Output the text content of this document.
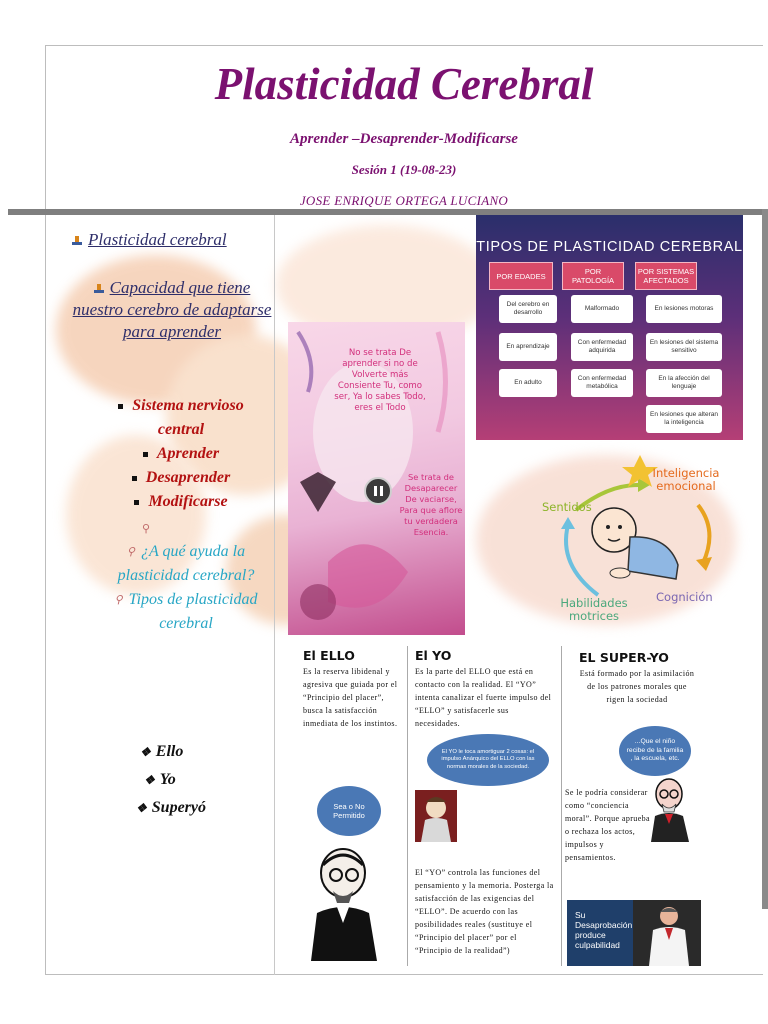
Plasticidad Cerebral
Aprender –Desaprender-Modificarse
Sesión 1 (19-08-23)
JOSE ENRIQUE ORTEGA LUCIANO
Plasticidad cerebral
Capacidad que tiene nuestro cerebro de adaptarse para aprender
Sistema nervioso central
Aprender
Desaprender
Modificarse
⚲
⚲ ¿A qué ayuda la plasticidad cerebral?
⚲ Tipos de plasticidad cerebral
❖ Ello
❖ Yo
❖ Superyó
TIPOS DE PLASTICIDAD CEREBRAL
POR EDADES	POR PATOLOGÍA
POR SISTEMAS AFECTADOS
Del cerebro en desarrollo
En aprendizaje
En adulto
Malformado
Con enfermedad adquirida
Con enfermedad metabólica
En lesiones motoras
En lesiones del sistema sensitivo
En la afección del lenguaje
En lesiones que alteran la inteligencia
No se trata De aprender si no de Volverte más Consiente Tu, como ser, Ya lo sabes Todo, eres el Todo
Se trata de Desaparecer De vaciarse, Para que aflore tu verdadera Esencia.
Inteligencia emocional
Sentidos
Cognición
Habilidades motrices
El ELLO
Es la reserva libidenal y agresiva que guiada por el “Principio del placer”, busca la satisfacción inmediata de los instintos.
Sea o No Permitido
El YO
Es la parte del ELLO que está en contacto con la realidad. El “YO” intenta canalizar el fuerte impulso del “ELLO” y satisfacerle sus necesidades.
El YO le toca amortiguar 2 cosas: el impulso Anárquico del ELLO con las normas morales de la sociedad.
El “YO” controla las funciones del pensamiento y la memoria. Posterga la satisfacción de las exigencias del “ELLO”. De acuerdo con las posibilidades reales (sustituye el “Principio del placer” por el “Principio de la realidad”)
EL SUPER-YO
Está formado por la asimilación de los patrones morales que rigen la sociedad
...Que el niño recibe de la familia , la escuela, etc.
Se le podría considerar como “conciencia moral”. Porque aprueba o rechaza los actos, impulsos y pensamientos.
Su Desaprobación produce culpabilidad
